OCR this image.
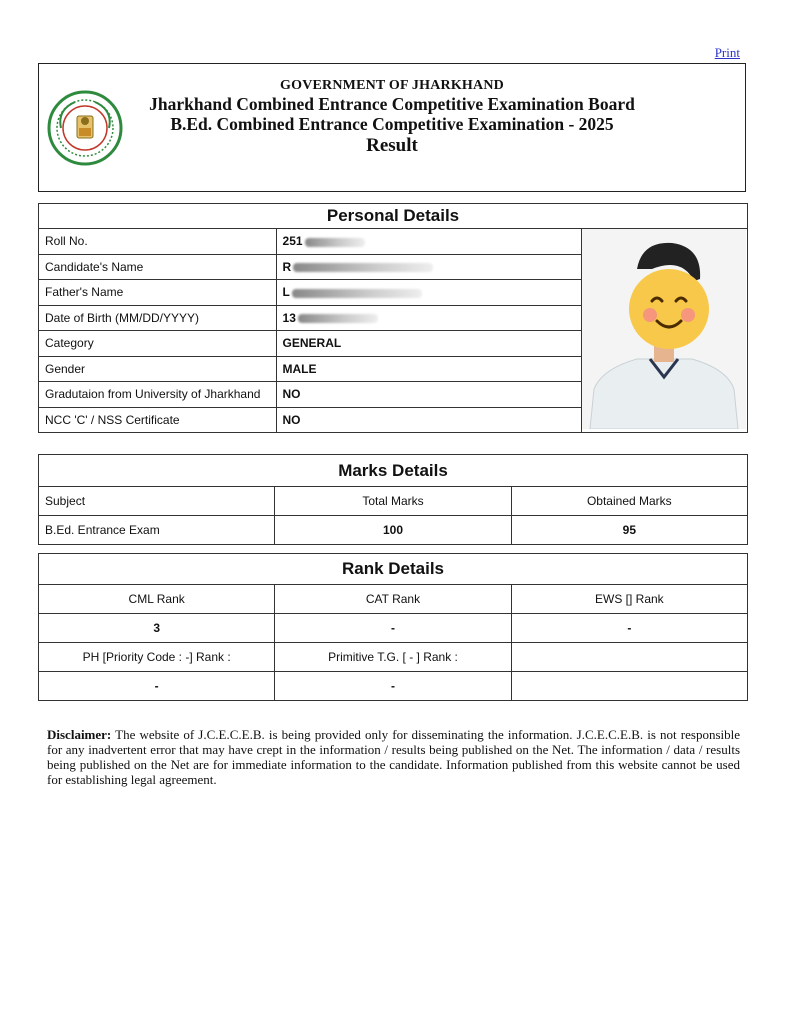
Print
GOVERNMENT OF JHARKHAND
Jharkhand Combined Entrance Competitive Examination Board
B.Ed. Combined Entrance Competitive Examination - 2025
Result
Personal Details		
Roll No.	251	
Candidate's Name	R	
Father's Name	L	
Date of Birth (MM/DD/YYYY)	13	
Category	GENERAL	
Gender	MALE	
Gradutaion from University of Jharkhand	NO	
NCC 'C' / NSS Certificate	NO	
Marks Details		
Subject	Total Marks	Obtained Marks
B.Ed. Entrance Exam	100	95
Rank Details		
CML Rank	CAT Rank	EWS [] Rank
3	-	-
PH [Priority Code : -] Rank :	Primitive T.G. [ - ] Rank :	
-	-	
Disclaimer: The website of J.C.E.C.E.B. is being provided only for disseminating the information. J.C.E.C.E.B. is not responsible for any inadvertent error that may have crept in the information / results being published on the Net. The information / data / results being published on the Net are for immediate information to the candidate. Information published from this website cannot be used for establishing legal agreement.
